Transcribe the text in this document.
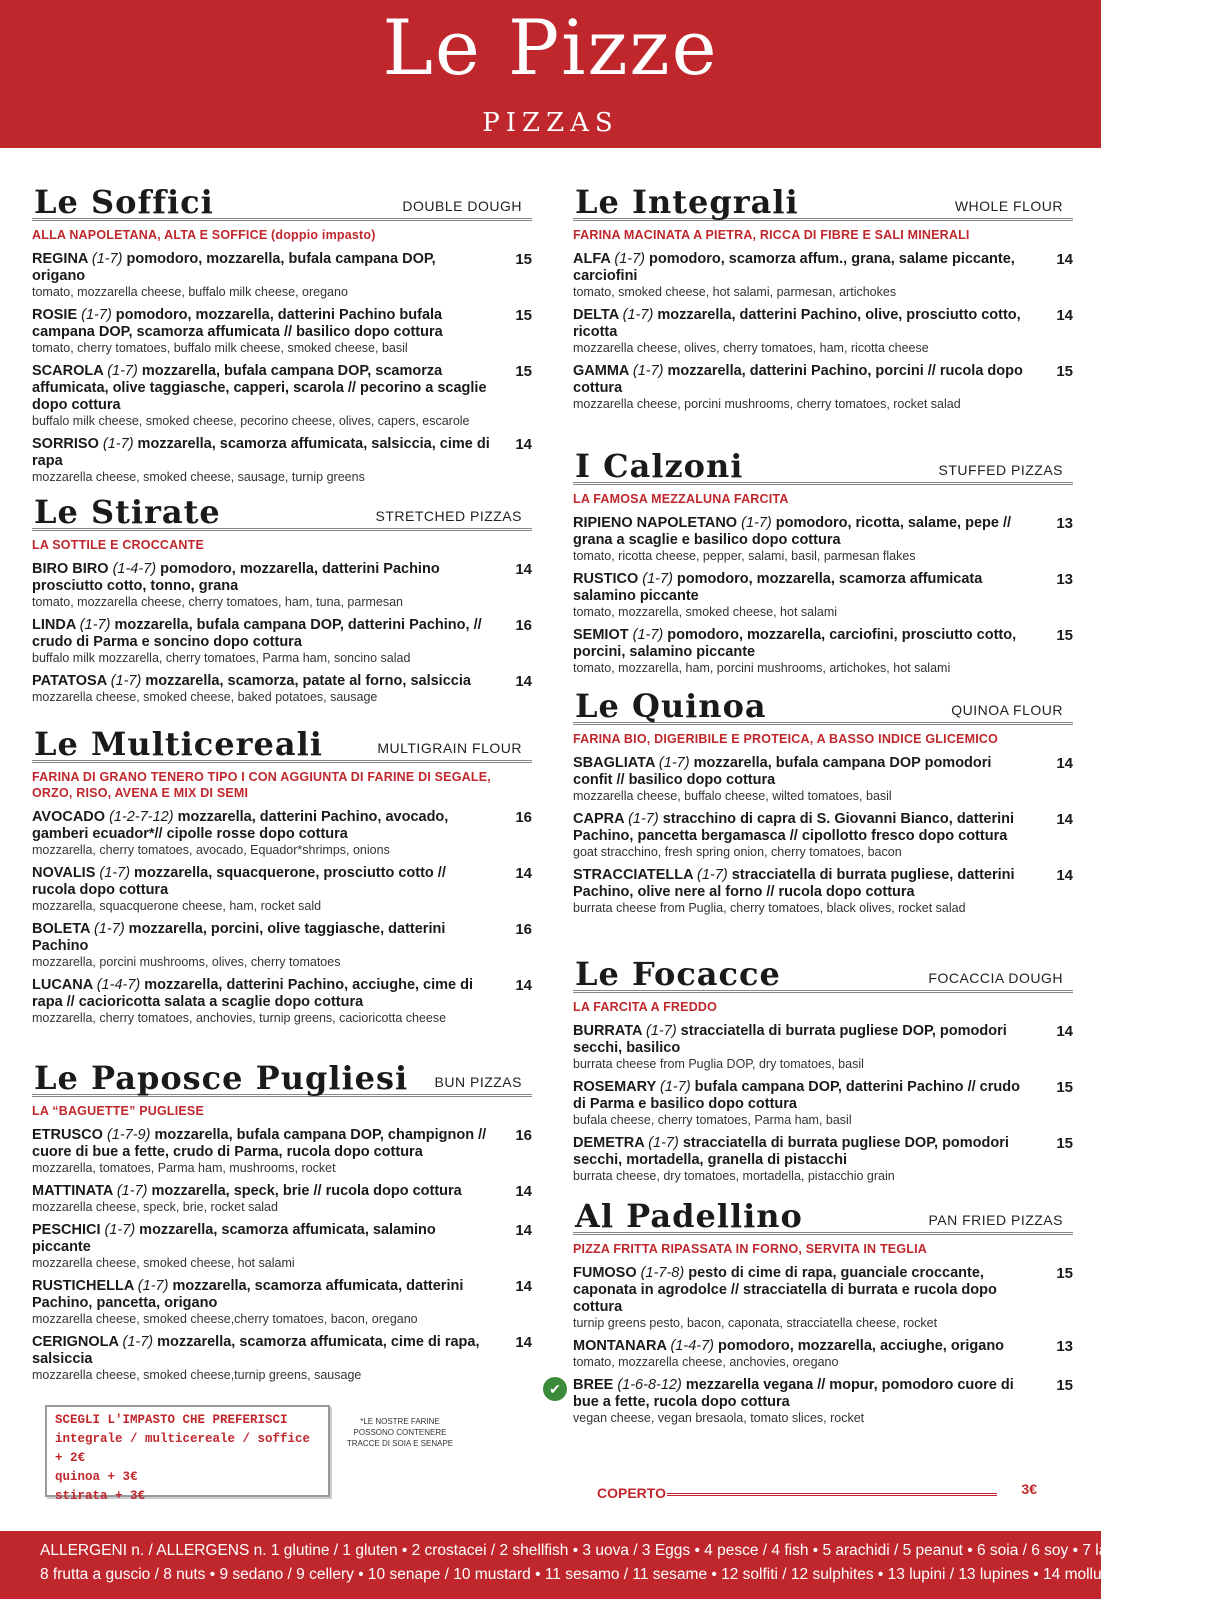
Le Pizze
PIZZAS
Le Soffici	DOUBLE DOUGH
ALLA NAPOLETANA, ALTA E SOFFICE (doppio impasto)
REGINA (1-7) pomodoro, mozzarella, bufala campana DOP, origano
tomato, mozzarella cheese, buffalo milk cheese, oregano
15
ROSIE (1-7) pomodoro, mozzarella, datterini Pachino bufala campana DOP, scamorza affumicata // basilico dopo cottura
tomato, cherry tomatoes, buffalo milk cheese, smoked cheese, basil
15
SCAROLA (1-7) mozzarella, bufala campana DOP, scamorza affumicata, olive taggiasche, capperi, scarola // pecorino a scaglie dopo cottura
buffalo milk cheese, smoked cheese, pecorino cheese, olives, capers, escarole
15
SORRISO (1-7) mozzarella, scamorza affumicata, salsiccia, cime di rapa
mozzarella cheese, smoked cheese, sausage, turnip greens
14
Le Stirate	STRETCHED PIZZAS
LA SOTTILE E CROCCANTE
BIRO BIRO (1-4-7) pomodoro, mozzarella, datterini Pachino prosciutto cotto, tonno, grana
tomato, mozzarella cheese, cherry tomatoes, ham, tuna, parmesan
14
LINDA (1-7) mozzarella, bufala campana DOP, datterini Pachino, // crudo di Parma e soncino dopo cottura
buffalo milk mozzarella, cherry tomatoes, Parma ham, soncino salad
16
PATATOSA (1-7) mozzarella, scamorza, patate al forno, salsiccia
mozzarella cheese, smoked cheese, baked potatoes, sausage
14
Le Multicereali	MULTIGRAIN FLOUR
FARINA DI GRANO TENERO TIPO I CON AGGIUNTA DI FARINE DI SEGALE, ORZO, RISO, AVENA E MIX DI SEMI
AVOCADO (1-2-7-12) mozzarella, datterini Pachino, avocado, gamberi ecuador*// cipolle rosse dopo cottura
mozzarella, cherry tomatoes, avocado, Equador*shrimps, onions
16
NOVALIS (1-7) mozzarella, squacquerone, prosciutto cotto // rucola dopo cottura
mozzarella, squacquerone cheese, ham, rocket sald
14
BOLETA (1-7) mozzarella, porcini, olive taggiasche, datterini Pachino
mozzarella, porcini mushrooms, olives, cherry tomatoes
16
LUCANA (1-4-7) mozzarella, datterini Pachino, acciughe, cime di rapa // cacioricotta salata a scaglie dopo cottura
mozzarella, cherry tomatoes, anchovies, turnip greens, cacioricotta cheese
14
Le Paposce Pugliesi BUN PIZZAS
LA “BAGUETTE” PUGLIESE
ETRUSCO (1-7-9) mozzarella, bufala campana DOP, champignon // cuore di bue a fette, crudo di Parma, rucola dopo cottura
mozzarella, tomatoes, Parma ham, mushrooms, rocket
16
MATTINATA (1-7) mozzarella, speck, brie // rucola dopo cottura
mozzarella cheese, speck, brie, rocket salad
14
PESCHICI (1-7) mozzarella, scamorza affumicata, salamino piccante
mozzarella cheese, smoked cheese, hot salami
14
RUSTICHELLA (1-7) mozzarella, scamorza affumicata, datterini Pachino, pancetta, origano
mozzarella cheese, smoked cheese,cherry tomatoes, bacon, oregano
14
CERIGNOLA (1-7) mozzarella, scamorza affumicata, cime di rapa, salsiccia
mozzarella cheese, smoked cheese,turnip greens, sausage
14
Le Integrali	WHOLE FLOUR
FARINA MACINATA A PIETRA, RICCA DI FIBRE E SALI MINERALI
ALFA (1-7) pomodoro, scamorza affum., grana, salame piccante, carciofini
tomato, smoked cheese, hot salami, parmesan, artichokes
14
DELTA (1-7) mozzarella, datterini Pachino, olive, prosciutto cotto, ricotta
mozzarella cheese, olives, cherry tomatoes, ham, ricotta cheese
14
GAMMA (1-7) mozzarella, datterini Pachino, porcini // rucola dopo cottura
mozzarella cheese, porcini mushrooms, cherry tomatoes, rocket salad
15
I Calzoni	STUFFED PIZZAS
LA FAMOSA MEZZALUNA FARCITA
RIPIENO NAPOLETANO (1-7) pomodoro, ricotta, salame, pepe // grana a scaglie e basilico dopo cottura
tomato, ricotta cheese, pepper, salami, basil, parmesan flakes
13
RUSTICO (1-7) pomodoro, mozzarella, scamorza affumicata salamino piccante
tomato, mozzarella, smoked cheese, hot salami
13
SEMIOT (1-7) pomodoro, mozzarella, carciofini, prosciutto cotto, porcini, salamino piccante
tomato, mozzarella, ham, porcini mushrooms, artichokes, hot salami
15
Le Quinoa	QUINOA FLOUR
FARINA BIO, DIGERIBILE E PROTEICA, A BASSO INDICE GLICEMICO
SBAGLIATA (1-7) mozzarella, bufala campana DOP pomodori confit // basilico dopo cottura
mozzarella cheese, buffalo cheese, wilted tomatoes, basil
14
CAPRA (1-7) stracchino di capra di S. Giovanni Bianco, datterini Pachino, pancetta bergamasca // cipollotto fresco dopo cottura
goat stracchino, fresh spring onion, cherry tomatoes, bacon
14
STRACCIATELLA (1-7) stracciatella di burrata pugliese, datterini Pachino, olive nere al forno // rucola dopo cottura
burrata cheese from Puglia, cherry tomatoes, black olives, rocket salad
14
Le Focacce	FOCACCIA DOUGH
LA FARCITA A FREDDO
BURRATA (1-7) stracciatella di burrata pugliese DOP, pomodori secchi, basilico
burrata cheese from Puglia DOP, dry tomatoes, basil
14
ROSEMARY (1-7) bufala campana DOP, datterini Pachino // crudo di Parma e basilico dopo cottura
bufala cheese, cherry tomatoes, Parma ham, basil
15
DEMETRA (1-7) stracciatella di burrata pugliese DOP, pomodori secchi, mortadella, granella di pistacchi
burrata cheese, dry tomatoes, mortadella, pistacchio grain
15
Al Padellino	PAN FRIED PIZZAS
PIZZA FRITTA RIPASSATA IN FORNO, SERVITA IN TEGLIA
FUMOSO (1-7-8) pesto di cime di rapa, guanciale croccante, caponata in agrodolce // stracciatella di burrata e rucola dopo cottura
turnip greens pesto, bacon, caponata, stracciatella cheese, rocket
15
MONTANARA (1-4-7) pomodoro, mozzarella, acciughe, origano
tomato, mozzarella cheese, anchovies, oregano
13
✔ BREE (1-6-8-12) mezzarella vegana // mopur, pomodoro cuore di bue a fette, rucola dopo cottura
vegan cheese, vegan bresaola, tomato slices, rocket
15
SCEGLI L'IMPASTO CHE PREFERISCI
integrale / multicereale / soffice + 2€
quinoa + 3€
stirata + 3€
*LE NOSTRE FARINE POSSONO CONTENERE TRACCE DI SOIA E SENAPE
COPERTO	3€
ALLERGENI n. / ALLERGENS n. 1 glutine / 1 gluten • 2 crostacei / 2 shellfish • 3 uova / 3 Eggs • 4 pesce / 4 fish • 5 arachidi / 5 peanut • 6 soia / 6 soy • 7 latte / 7 milk
8 frutta a guscio / 8 nuts • 9 sedano / 9 cellery • 10 senape / 10 mustard • 11 sesamo / 11 sesame • 12 solfiti / 12 sulphites • 13 lupini / 13 lupines • 14 molluschi / 14 molluscs
